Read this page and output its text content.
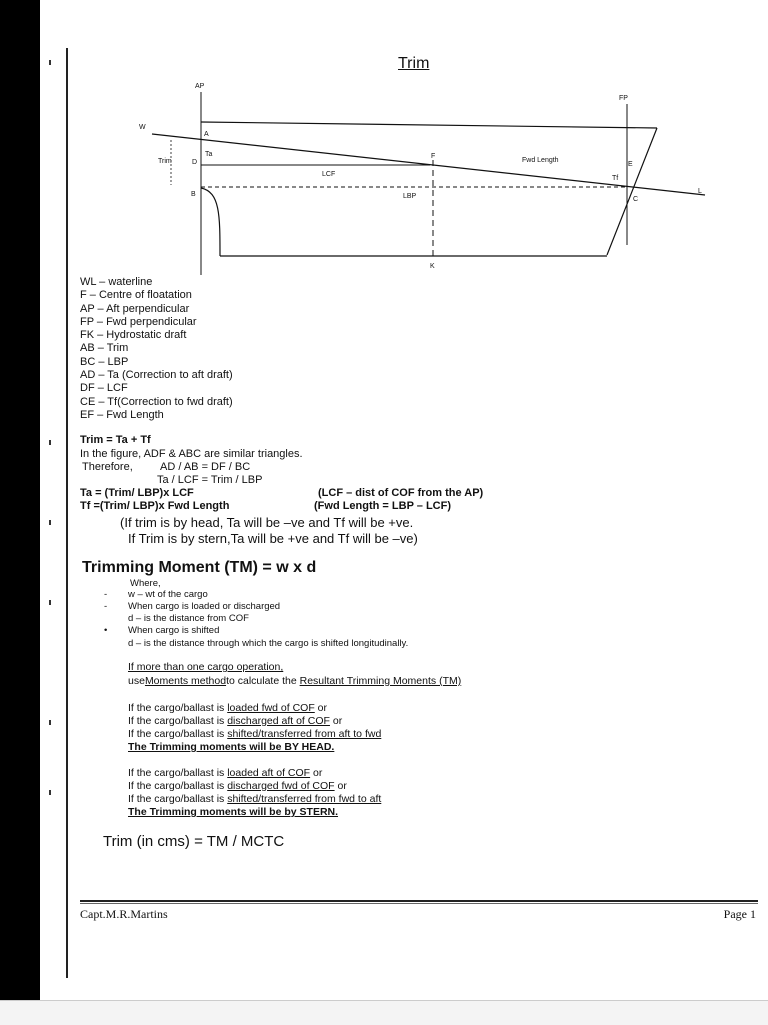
Trim
AP
FP
W
L
A
B
C
D	E
F
K
Ta
Tf
Trim
LCF
LBP
Fwd Length
WL – waterline
F – Centre of floatation
AP – Aft perpendicular
FP – Fwd perpendicular
FK – Hydrostatic draft
AB – Trim
BC – LBP
AD – Ta (Correction to aft draft)
DF – LCF
CE – Tf(Correction to fwd draft)
EF – Fwd Length
Trim = Ta + Tf
In the figure, ADF & ABC are similar triangles.
Therefore, AD / AB = DF / BC
Ta / LCF = Trim / LBP
Ta = (Trim/ LBP)x LCF	(LCF – dist of COF from the AP)
Tf =(Trim/ LBP)x Fwd Length	(Fwd Length = LBP – LCF)
(If trim is by head, Ta will be –ve and Tf will be +ve.
If Trim is by stern,Ta will be +ve and Tf will be –ve)
Trimming Moment (TM) = w x d
Where,
- w – wt of the cargo
- When cargo is loaded or discharged
d – is the distance from COF
• When cargo is shifted
d – is the distance through which the cargo is shifted longitudinally.
If more than one cargo operation,
useMoments methodto calculate the Resultant Trimming Moments (TM)
If the cargo/ballast is loaded fwd of COF or
If the cargo/ballast is discharged aft of COF or
If the cargo/ballast is shifted/transferred from aft to fwd
The Trimming moments will be BY HEAD.
If the cargo/ballast is loaded aft of COF or
If the cargo/ballast is discharged fwd of COF or
If the cargo/ballast is shifted/transferred from fwd to aft
The Trimming moments will be by STERN.
Trim (in cms) = TM / MCTC
Capt.M.R.Martins	Page 1
